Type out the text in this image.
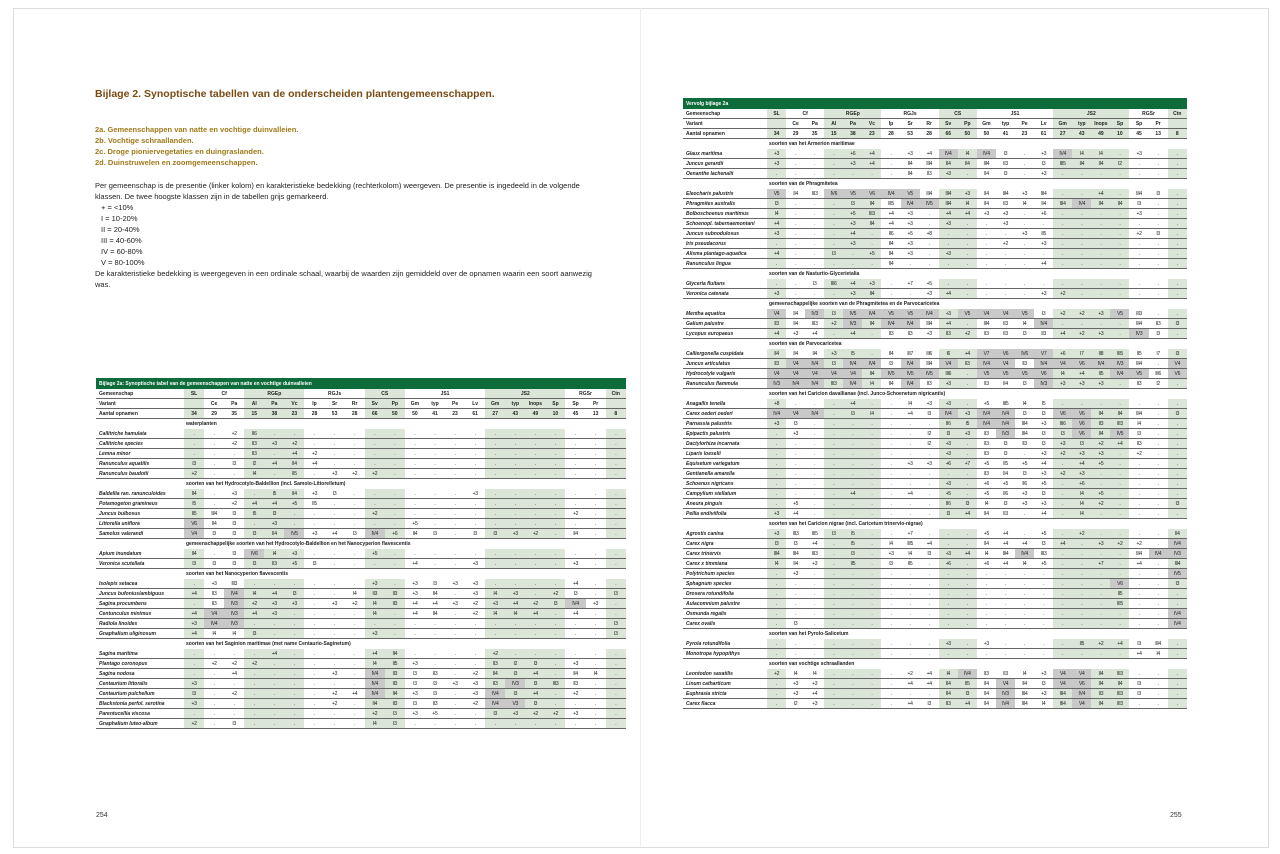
Bijlage 2. Synoptische tabellen van de onderscheiden plantengemeenschappen.
2a. Gemeenschappen van natte en vochtige duinvalleien.
2b. Vochtige schraallanden.
2c. Droge pioniervegetaties en duingraslanden.
2d. Duinstruwelen en zoomgemeenschappen.
Per gemeenschap is de presentie (linker kolom) en karakteristieke bedekking (rechterkolom) weergeven. De presentie is ingedeeld in de volgende klassen. De twee hoogste klassen zijn in de tabellen grijs gemarkeerd.
+ = <10%
I = 10-20%
II = 20-40%
III = 40-60%
IV = 60-80%
V = 80-100%
De karakteristieke bedekking is weergegeven in een ordinale schaal, waarbij de waarden zijn gemiddeld over de opnamen waarin een soort aanwezig was.
Bijlage 2a: Synoptische tabel van de gemeenschappen van natte en vochtige duinvalleien																						
Gemeenschap	SL	Cf		RGEp			RGJs			CS		JS1				JS2				RGSr		Ctn
Variant		Ce	Pa	Al	Pa	Vc	Ip	Sr	Rr	Sv	Pp	Gm	typ	Pe	Lv	Gm	typ	Inops	Sp	Sp	Pr	
Aantal opnamen	34	29	35	15	38	23	28	53	28	66	50	50	41	23	61	27	43	49	10	45	13	8
	waterplanten																					
Callitriche hamulata	.	.	+2	II6	.	.	.	.	.	.	.	.	.	.	.	.	.	.	.	.	.	.
Callitriche species	.	.	+2	II3	+3	+2	.	.	.	.	.	.	.	.	.	.	.	.	.	.	.	.
Lemna minor	.	.	.	II3	.	+4	+2	.	.	.	.	.	.	.	.	.	.	.	.	.	.	.
Ranunculus aquatilis	I3	.	I3	I2	+4	II4	+4	.	.	.	.	.	.	.	.	.	.	.	.	.	.	.
Ranunculus baudotii	+2	.	.	I4	.	II5	.	+3	+2	+2	.	.	.	.	.	.	.	.	.	.	.	.
	soorten van het Hydrocotylo-Baldellion (incl. Samolo-Littorelletum)																					
Baldellia ran. ranunculoides	II4	.	+3	.	I5	II4	+3	I3	.	.	.	.	.	.	+3	.	.	.	.	.	.	.
Potamogeton gramineus	I5	.	+2	+4	+4	+5	II5	.	.	.	.	.	.	.	.	.	.	.	.	.	.	.
Juncus bulbosus	II5	III4	I3	I5	I3	.	.	.	.	+2	.	.	.	.	.	.	.	.	.	+2	.	.
Littorella uniflora	V6	II4	I3	.	+3	.	.	.	.	.	.	+5	.	.	.	.	.	.	.	.	.	.
Samolus valerandi	V4	I3	I3	I3	II4	IV5	+3	+4	I3	IV4	+6	II4	I3	.	I3	I3	+3	+2	.	II4	.	.
	gemeenschappelijke soorten van het Hydrocotylo-Baldellion en het Nanocyperion flavescentis																					
Apium inundatum	II4	.	I3	IV6	I4	+3	.	.	.	+5	.	.	.	.	.	.	.	.	.	.	.	.
Veronica scutellata	I3	I3	I3	I3	II3	+5	I3	.	.	.	.	+4	.	.	+3	.	.	.	.	+3	.	.
	soorten van het Nanocyperion flavescentis																					
Isolepis setacea	.	+3	III3	.	.	.	.	.	.	+3	.	+3	I3	+3	+3	.	.	.	.	+4	.	.
Juncus bufonius/ambiguus	+4	II3	IV4	I4	+4	I3	.	.	I4	II3	II3	+3	II4	.	+3	I4	+3	.	+2	I3	.	I3
Sagina procumbens	.	II3	IV3	+2	+3	+3	.	+3	+2	I4	II3	+4	+4	+3	+2	+3	+4	+2	I3	IV4	+3	.
Centunculus minimus	+4	V4	IV3	+4	+3	.	.	.	.	I4	.	+4	II4	.	+2	I4	I4	+4	.	+4	.	.
Radiola linoides	+3	IV4	IV3	.	.	.	.	.	.	.	.	.	.	.	.	.	.	.	.	.	.	I3
Gnaphalium uliginosum	+4	I4	I4	I3	.	.	.	.	.	+3	.	.	.	.	.	.	.	.	.	.	.	I3
	soorten van het Saginion maritimae (met name Centaurio-Saginetum)																					
Sagina maritima	.	.	.	.	+4	.	.	.	.	+4	II4	.	.	.	.	+2	.	.	.	.	.	.
Plantago coronopus	.	+2	+2	+2	.	.	.	.	.	I4	II5	+3	.	.	.	II3	I2	I3	.	+3	.	.
Sagina nodosa	.	.	+4	.	.	.	.	+3	.	IV4	II3	I3	II3	.	+2	II4	I3	+4	.	II4	I4	.
Centaurium littoralis	+3	.	.	.	.	.	.	.	.	IV4	II3	I3	I3	+3	+3	II3	IV3	I3	III3	II3	.	.
Centaurium pulchellum	I3	.	+2	.	.	.	.	+2	+4	IV4	II4	+3	I3	.	+3	IV4	I3	+4	.	+2	.	.
Blackstonia perfol. serotina	+3	.	.	.	.	.	.	+2	.	II4	II3	I3	II3	.	+2	IV4	V3	I3	.	.	.	.
Parentucellia viscosa	.	.	.	.	.	.	.	.	.	+2	I3	+3	+5	.	.	I3	+3	+2	+2	+3	.	.
Gnaphalium luteo-album	+2	.	I3	.	.	.	.	.	.	I4	I3	.	.	.	.	.	.	.	.	.	.	.
Vervolg bijlage 2a																						
Gemeenschap	SL	Cf		RGEp			RGJs			CS		JS1				JS2				RGSr		Ctn
Variant		Ce	Pa	Al	Pa	Vc	Ip	Sr	Rr	Sv	Pp	Gm	typ	Pe	Lv	Gm	typ	Inops	Sp	Sp	Pr	
Aantal opnamen	34	29	35	15	38	23	28	53	28	66	50	50	41	23	61	27	43	49	10	45	13	8
	soorten van het Armerion maritimae																					
Glaux maritima	+3	.	.	.	+6	+4	.	+3	+4	IV4	I4	IV4	I3	.	+3	IV4	I4	I4	.	+3	.	.
Juncus gerardii	+3	.	.	.	+3	+4	.	II4	III4	II4	II4	III4	II3	.	I3	III5	II4	II4	I2	.	.	.
Oenanthe lachenalii	.	.	.	.	.	.	.	II4	II3	+3	.	II4	I3	.	+3	.	.	.	.	.	.	.
	soorten van de Phragmitetea																					
Eleocharis palustris	V5	II4	III3	IV6	V5	V6	IV4	V5	III4	III4	+3	II4	III4	+3	III4	.	.	+4	.	III4	I3	.
Phragmites australis	I3	.	.	.	I3	II4	III5	IV4	IV5	III4	I4	II4	II3	I4	II4	III4	IV4	II4	II4	I3	.	.
Bolboschoenus maritimus	I4	.	.	.	+5	III3	+4	+3	.	+4	+4	+3	+3	.	+6	.	.	.	.	+3	.	.
Schoenopl. tabernaemontani	+4	.	.	.	+3	II4	+4	+3	.	+3	.	.	+3	.	.	.	.	.	.	.	.	.
Juncus subnodulosus	+3	.	.	.	+4	.	II6	+5	+8	.	.	.	.	+3	II5	.	.	.	.	+2	I3	.
Iris pseudacorus	.	.	.	.	+3	.	II4	+3	.	.	.	.	+2	.	+3	.	.	.	.	.	.	.
Alisma plantago-aquatica	+4	.	.	I3	.	+5	II4	+3	.	+3	.	.	.	.	.	.	.	.	.	.	.	.
Ranunculus lingua	.	.	.	.	.	.	II4	.	.	.	.	.	.	.	+4	.	.	.	.	.	.	.
	soorten van de Nasturtio-Glycerietalia																					
Glyceria fluitans	.	.	I3	III6	+4	+3	.	+7	+5	.	.	.	.	.	.	.	.	.	.	.	.	.
Veronica catenata	+3	.	.	.	+3	II4	.	.	+3	+4	.	.	.	.	+3	+2	.	.	.	.	.	.
	gemeenschappelijke soorten van de Phragmitetea en de Parvocaricetea																					
Mentha aquatica	V4	II4	IV3	I3	IV5	IV4	V5	V5	IV4	+3	V5	V4	V4	V5	I3	+2	+2	+3	V5	III3	.	.
Galium palustre	II3	II4	III3	+2	IV3	II4	IV4	IV4	III4	+4	.	III4	II3	I4	IV4	.	.	.	.	III4	II3	I3
Lycopus europaeus	+4	+3	+4	.	+4	.	II3	II3	+3	II3	+2	II3	II3	I3	II3	+4	+2	+3	.	IV3	I3	.
	soorten van de Parvocaricetea																					
Calliergonella cuspidata	II4	II4	II4	+3	I5	.	II4	III7	III6	I6	+4	V7	V6	IV6	V7	+6	I7	II8	III5	II5	I7	I3
Juncus articulatus	II3	V4	IV4	I3	IV4	IV4	I3	IV4	III4	V4	II3	IV4	V4	II3	IV4	V4	V6	IV4	IV3	III4	.	V4
Hydrocotyle vulgaris	V4	V4	V4	V4	V4	II4	IV5	IV5	IV5	III6	.	V5	V5	V5	V6	I4	+4	II5	IV4	V5	III6	V6
Ranunculus flammula	IV3	IV4	IV4	III3	IV4	I4	II4	IV4	II3	+3	.	II3	II4	I3	IV3	+3	+3	+3	.	II3	I2	.
	soorten van het Caricion davallianae (incl. Junco-Schoenetum nigricantis)																					
Anagallis tenella	+8	.	.	.	+4	.	.	I4	+3	+3	.	+5	III5	I4	I5	.	.	.	.	.	.	.
Carex oederi oederi	IV4	V4	IV4	.	I3	I4	.	+4	I3	IV4	+3	IV4	IV4	I3	I3	V6	V6	II4	II4	III4	.	I3
Parnassia palustris	+3	I3	.	.	.	.	.	.	.	II6	I5	IV4	IV4	III4	+3	III6	V6	II3	III3	I4	.	.
Epipactis palustris	.	+3	.	.	.	.	.	.	I2	I3	+3	II3	IV3	III4	I3	I3	V6	II4	IV5	I3	.	.
Dactylorhiza incarnata	.	.	.	.	.	.	.	.	I2	+3	.	II3	I3	II3	I3	+3	I3	+2	+4	II3	.	.
Liparis loeselii	.	.	.	.	.	.	.	.	.	+3	.	II3	I3	.	+3	+2	+3	+3	.	+2	.	.
Equisetum variegatum	.	.	.	.	.	.	.	+3	+3	+6	+7	+5	II5	+5	+4	.	+4	+5	.	.	.	.
Gentianella amarella	.	.	.	.	.	.	.	.	.	.	.	II3	II4	I3	+3	+2	+3	.	.	.	.	.
Schoenus nigricans	.	.	.	.	.	.	.	.	.	+3	.	+6	+5	II6	+5	.	+6	.	.	.	.	.
Campylium stellatum	.	.	.	.	+4	.	.	+4	.	+5	.	+5	II6	+3	I3	.	I4	+5	.	.	.	.
Aneura pinguis	.	+5	.	.	.	.	.	.	.	II6	I3	I4	I3	+3	+3	.	I4	+2	.	.	.	I3
Pellia endiviifolia	+3	+4	.	.	.	.	.	.	.	I3	+4	II4	II3	.	+4	.	I4	.	.	.	.	.
	soorten van het Caricion nigrae (incl. Caricetum trinervio-nigrae)																					
Agrostis canina	+3	III3	III5	I3	I5	.	.	+7	.	.	.	+5	+4	.	+5	.	+2	.	.	.	.	II4
Carex nigra	I3	I3	+4	.	I5	.	I4	III5	+4	.	.	II4	+4	+4	I3	+4	.	+3	+2	+2	.	IV4
Carex trinervis	III4	III4	III3	.	I3	.	+3	I4	I3	+3	+4	I4	III4	IV4	III3	.	.	.	.	III4	IV4	IV3
Carex x timmiana	I4	II4	+3	.	II5	.	I3	II5	.	+6	.	+6	+4	I4	+5	.	.	+7	.	+4	.	III4
Polytrichum species	.	+3	.	.	.	.	.	.	.	.	.	.	.	.	.	.	.	.	.	.	.	IV5
Sphagnum species	.	.	.	.	.	.	.	.	.	.	.	.	.	.	.	.	.	.	V6	.	.	I3
Drosera rotundifolia	.	.	.	.	.	.	.	.	.	.	.	.	.	.	.	.	.	.	II5	.	.	.
Aulacomnium palustre	.	.	.	.	.	.	.	.	.	.	.	.	.	.	.	.	.	.	III5	.	.	.
Osmunda regalis	.	.	.	.	.	.	.	.	.	.	.	.	.	.	.	.	.	.	.	.	.	IV4
Carex ovalis	.	I3	.	.	.	.	.	.	.	.	.	.	.	.	.	.	.	.	.	.	.	IV4
	soorten van het Pyrolo-Salicetum																					
Pyrola rotundifolia	.	.	.	.	.	.	.	.	.	+3	.	+3	.	.	.	.	II5	+2	+4	I3	III4	.
Monotropa hypopithys	.	.	.	.	.	.	.	.	.	.	.	.	.	.	.	.	.	.	.	+4	I4	.
	soorten van vochtige schraallanden																					
Leontodon saxatilis	+2	I4	I4	.	.	.	.	+2	+4	I4	IV4	II3	II3	I4	+3	V4	V4	II4	III3	.	.	.
Linum catharticum	.	+3	+3	.	.	.	.	+4	+4	II4	II5	II4	V4	II4	I3	V4	V6	II4	II4	I3	.	.
Euphrasia stricta	.	+3	+4	.	.	.	.	.	.	II4	I3	II4	IV3	III4	+3	III4	IV4	II3	III3	I3	.	.
Carex flacca	.	I2	+3	.	.	.	.	+4	I3	II3	+4	II4	IV4	III4	I4	III4	V4	II4	III3	.	.	.
254	255
